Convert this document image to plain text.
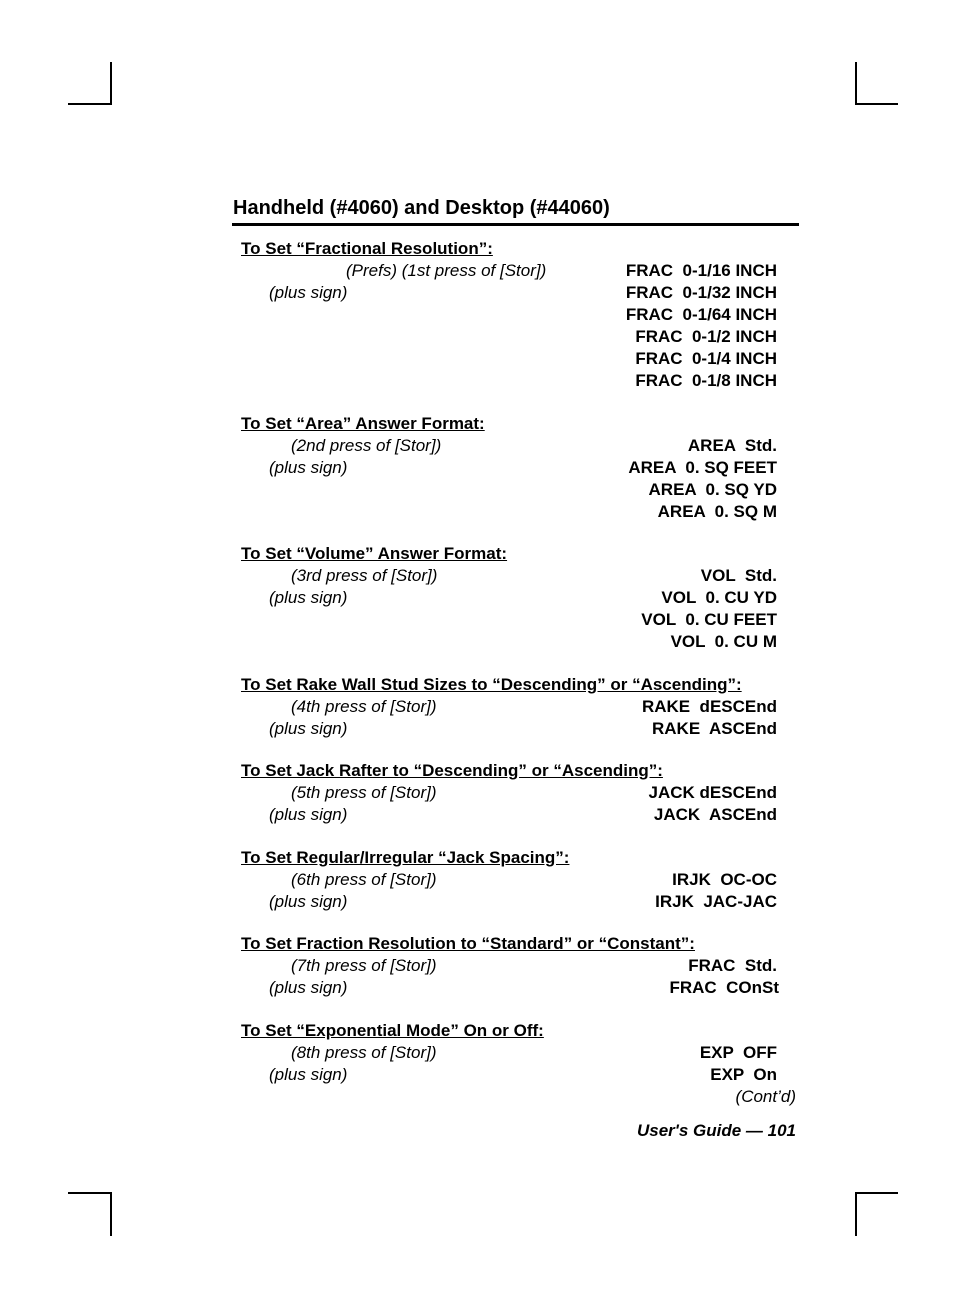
Handheld (#4060) and Desktop (#44060)
To Set “Fractional Resolution”:
(Prefs) (1st press of [Stor])	FRAC  0-1/16 INCH
(plus sign)	FRAC  0-1/32 INCH
FRAC  0-1/64 INCH
FRAC  0-1/2 INCH
FRAC  0-1/4 INCH
FRAC  0-1/8 INCH
To Set “Area” Answer Format:
(2nd press of [Stor])	AREA  Std.
(plus sign)	AREA  0. SQ FEET
AREA  0. SQ YD
AREA  0. SQ M
To Set “Volume” Answer Format:
(3rd press of [Stor])	VOL  Std.
(plus sign)	VOL  0. CU YD
VOL  0. CU FEET
VOL  0. CU M
To Set Rake Wall Stud Sizes to “Descending” or “Ascending”:
(4th press of [Stor])	RAKE  dESCEnd
(plus sign)	RAKE  ASCEnd
To Set Jack Rafter to “Descending” or “Ascending”:
(5th press of [Stor])	JACK dESCEnd
(plus sign)	JACK  ASCEnd
To Set Regular/Irregular “Jack Spacing”:
(6th press of [Stor])	IRJK  OC-OC
(plus sign)	IRJK  JAC-JAC
To Set Fraction Resolution to “Standard” or “Constant”:
(7th press of [Stor])	FRAC  Std.
(plus sign)	FRAC  COnSt
To Set “Exponential Mode” On or Off:
(8th press of [Stor])	EXP  OFF
(plus sign)	EXP  On
(Cont’d)
User's Guide — 101
